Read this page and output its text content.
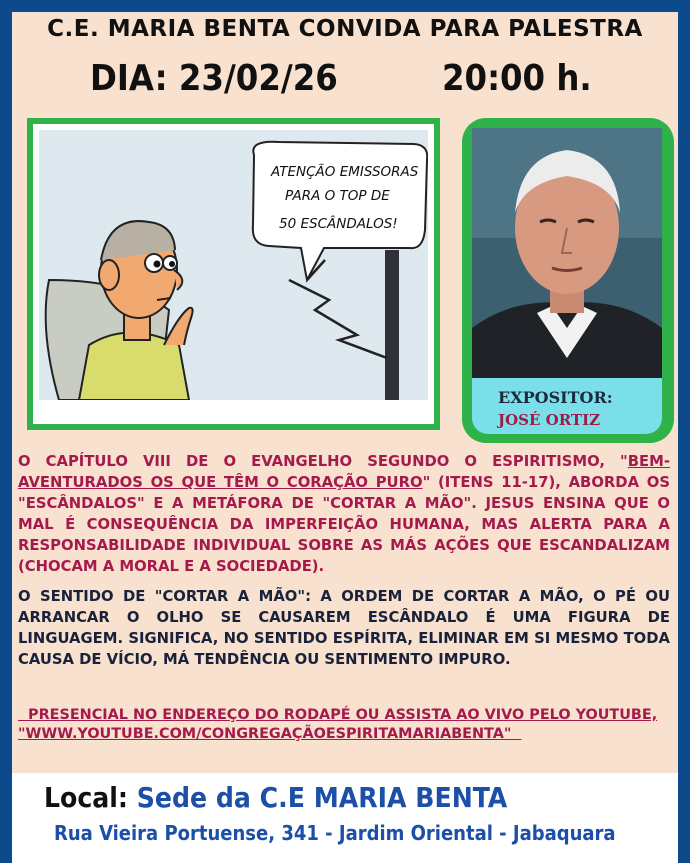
C.E. MARIA BENTA CONVIDA PARA PALESTRA
DIA: 23/02/26	20:00 h.
ATENÇÃO EMISSORAS
PARA O TOP DE
50 ESCÂNDALOS!
EXPOSITOR:
JOSÉ ORTIZ
O CAPÍTULO VIII DE O EVANGELHO SEGUNDO O ESPIRITISMO, "BEM-AVENTURADOS OS QUE TÊM O CORAÇÃO PURO" (ITENS 11-17), ABORDA OS "ESCÂNDALOS" E A METÁFORA DE "CORTAR A MÃO". JESUS ENSINA QUE O MAL É CONSEQUÊNCIA DA IMPERFEIÇÃO HUMANA, MAS ALERTA PARA A RESPONSABILIDADE INDIVIDUAL SOBRE AS MÁS AÇÕES QUE ESCANDALIZAM (CHOCAM A MORAL E A SOCIEDADE).
O SENTIDO DE "CORTAR A MÃO": A ORDEM DE CORTAR A MÃO, O PÉ OU ARRANCAR O OLHO SE CAUSAREM ESCÂNDALO É UMA FIGURA DE LINGUAGEM. SIGNIFICA, NO SENTIDO ESPÍRITA, ELIMINAR EM SI MESMO TODA CAUSA DE VÍCIO, MÁ TENDÊNCIA OU SENTIMENTO IMPURO.
PRESENCIAL NO ENDEREÇO DO RODAPÉ OU ASSISTA AO VIVO PELO YOUTUBE,
"WWW.YOUTUBE.COM/CONGREGAÇÃOESPIRITAMARIABENTA"
Local: Sede da C.E MARIA BENTA
Rua Vieira Portuense, 341 - Jardim Oriental - Jabaquara
